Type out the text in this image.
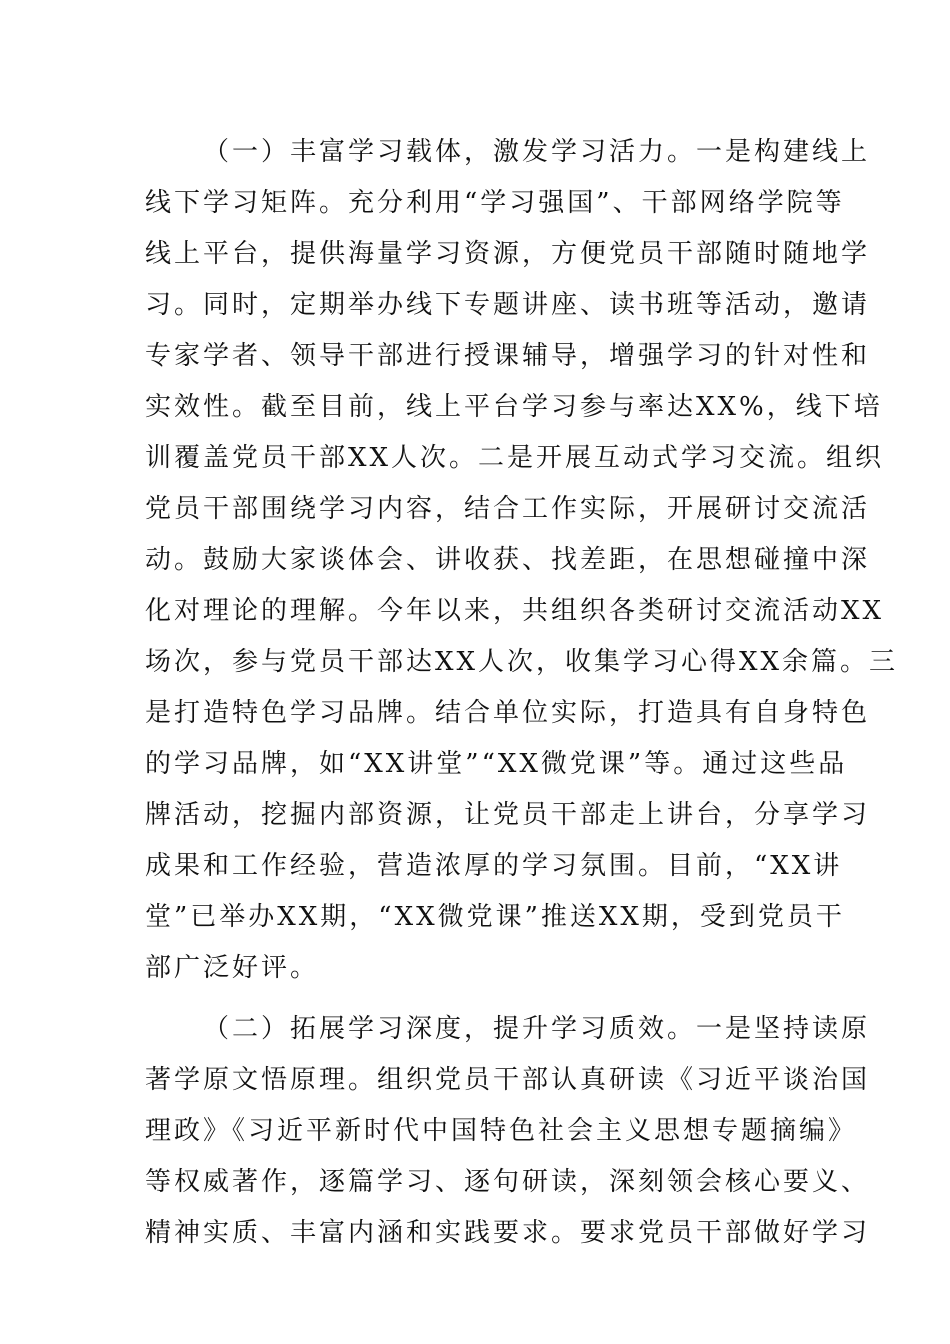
（一）丰富学习载体，激发学习活力。一是构建线上
线下学习矩阵。充分利用“学习强国”、干部网络学院等
线上平台，提供海量学习资源，方便党员干部随时随地学
习。同时，定期举办线下专题讲座、读书班等活动，邀请
专家学者、领导干部进行授课辅导，增强学习的针对性和
实效性。截至目前，线上平台学习参与率达XX%，线下培
训覆盖党员干部XX人次。二是开展互动式学习交流。组织
党员干部围绕学习内容，结合工作实际，开展研讨交流活
动。鼓励大家谈体会、讲收获、找差距，在思想碰撞中深
化对理论的理解。今年以来，共组织各类研讨交流活动XX
场次，参与党员干部达XX人次，收集学习心得XX余篇。三
是打造特色学习品牌。结合单位实际，打造具有自身特色
的学习品牌，如“XX讲堂”“XX微党课”等。通过这些品
牌活动，挖掘内部资源，让党员干部走上讲台，分享学习
成果和工作经验，营造浓厚的学习氛围。目前，“XX讲
堂”已举办XX期，“XX微党课”推送XX期，受到党员干
部广泛好评。
（二）拓展学习深度，提升学习质效。一是坚持读原
著学原文悟原理。组织党员干部认真研读《习近平谈治国
理政》《习近平新时代中国特色社会主义思想专题摘编》
等权威著作，逐篇学习、逐句研读，深刻领会核心要义、
精神实质、丰富内涵和实践要求。要求党员干部做好学习
